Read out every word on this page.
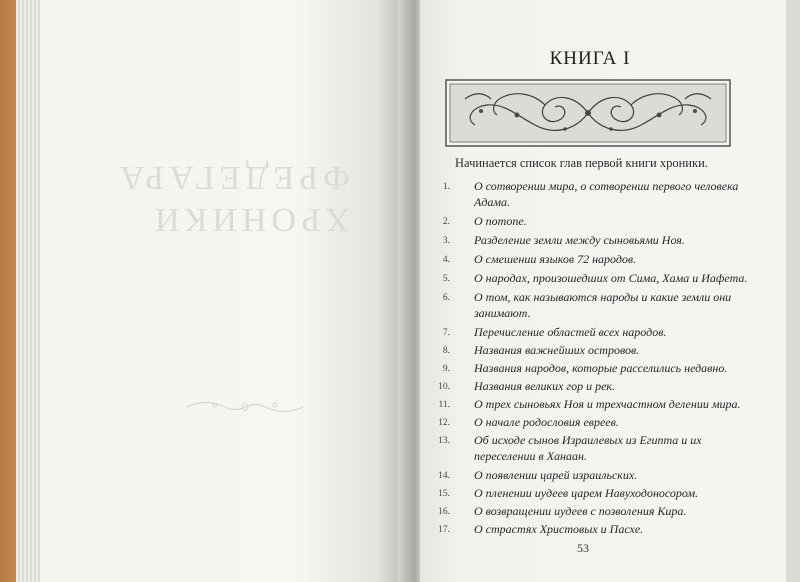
ХРОНИКИ
ФРЕДЕГАРА
КНИГА I
Начинается список глав первой книги хроники.
1.	О сотворении мира, о сотворении первого человека Адама.
2.	О потопе.
3.	Разделение земли между сыновьями Ноя.
4.	О смешении языков 72 народов.
5.	О народах, произошедших от Сима, Хама и Иафета.
6.	О том, как называются народы и какие земли они занимают.
7.	Перечисление областей всех народов.
8.	Названия важнейших островов.
9.	Названия народов, которые расселились недавно.
10.	Названия великих гор и рек.
11.	О трех сыновьях Ноя и трехчастном делении мира.
12.	О начале родословия евреев.
13.	Об исходе сынов Израилевых из Египта и их переселении в Ханаан.
14.	О появлении царей израильских.
15.	О пленении иудеев царем Навуходоносором.
16.	О возвращении иудеев с позволения Кира.
17.	О страстях Христовых и Пасхе.
53
